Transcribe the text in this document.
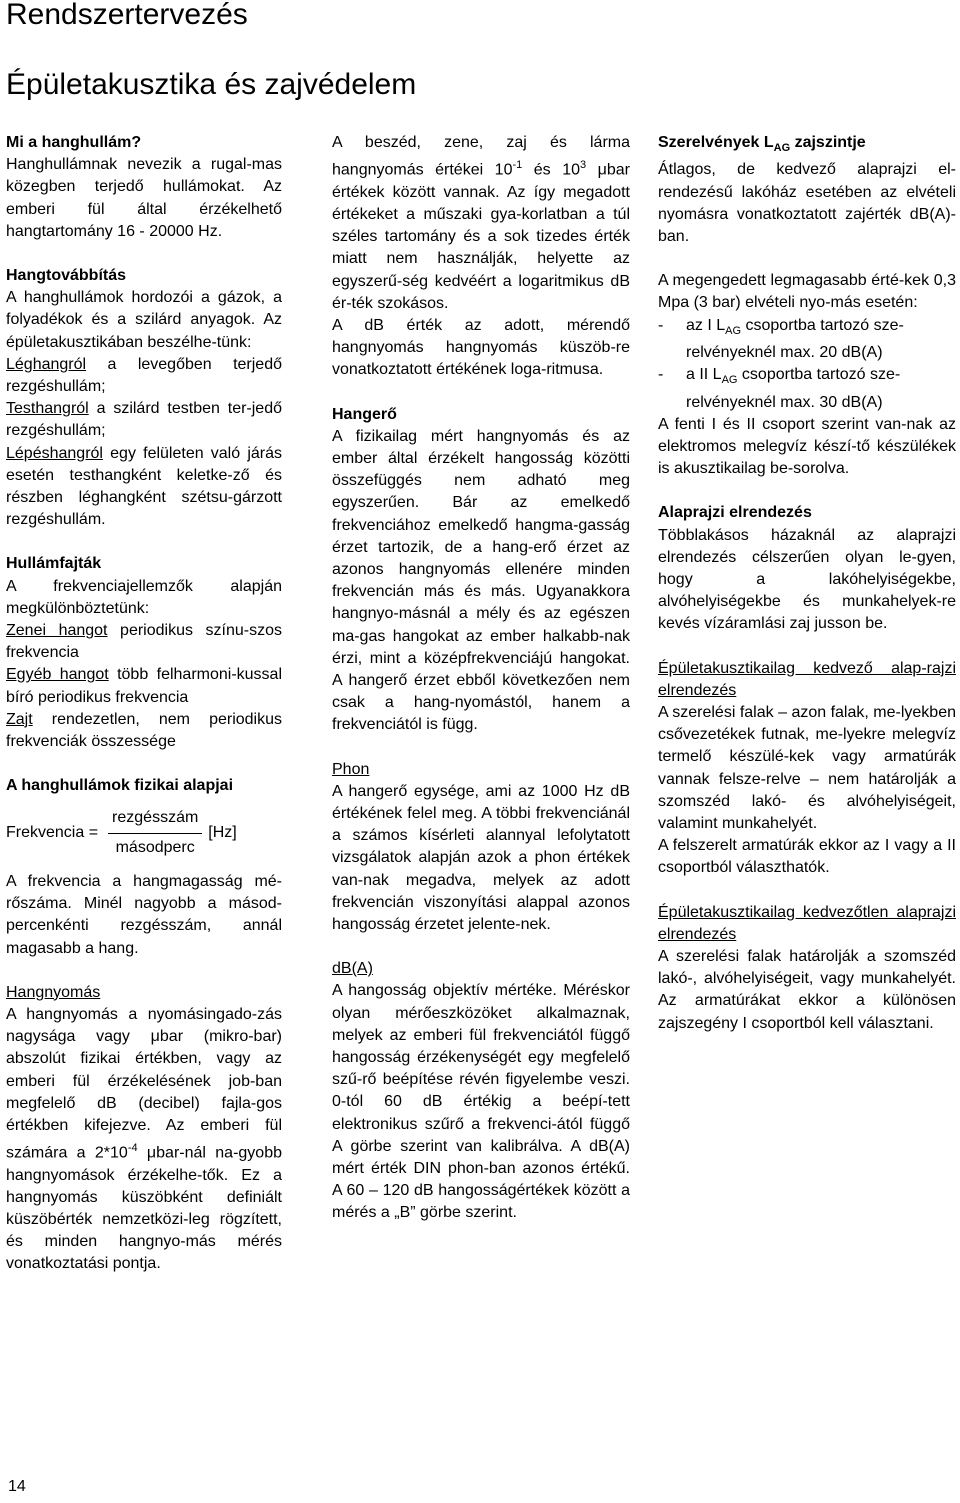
Rendszertervezés
Épületakusztika és zajvédelem

Mi a hanghullám?

Hanghullámnak nevezik a rugal-mas közegben terjedő hullámokat. Az emberi fül által érzékelhető hangtartomány 16 - 20000 Hz.

Hangtovábbítás

A hanghullámok hordozói a gázok, a folyadékok és a szilárd anyagok. Az épületakusztikában beszélhe-tünk:

Léghangról a levegőben terjedő rezgéshullám;

Testhangról a szilárd testben ter-jedő rezgéshullám;

Lépéshangról egy felületen való járás esetén testhangként keletke-ző és részben léghangként szétsu-gárzott rezgéshullám.

Hullámfajták

A frekvenciajellemzők alapján megkülönböztetünk:

Zenei hangot periodikus színu-szos frekvencia

Egyéb hangot több felharmoni-kussal bíró periodikus frekvencia

Zajt rendezetlen, nem periodikus frekvenciák összessége

A hanghullámok fizikai alapjai

Frekvencia = $\frac{\text{rezgésszám}}{\text{másodperc}} [Hz]$

A frekvencia a hangmagasság mé-rőszáma. Minél nagyobb a másod-percenkénti rezgésszám, annál magasabb a hang.

Hangnyomás

A hangnyomás a nyomásingado-zás nagysága vagy μbar (mikro-bar) abszolút fizikai értékben, vagy az emberi fül érzékelésének job-ban megfelelő dB (decibel) fajla-gos értékben kifejezve. Az emberi fül számára a $2*10^{-4}$ μbar-nál na-gyobb hangnyomások érzékelhe-tők. Ez a hangnyomás küszöbként definiált küszöbérték nemzetközi-leg rögzített, és minden hangnyo-más mérés vonatkoztatási pontja.

A beszéd, zene, zaj és lárma hangnyomás értékei $10^{-1}$ és $10^3$ μbar értékek között vannak. Az így megadott értékeket a műszaki gya-korlatban a túl széles tartomány és a sok tizedes érték miatt nem használják, helyette az egyszerű-ség kedvéért a logaritmikus dB ér-ték szokásos.

A dB érték az adott, mérendő hangnyomás hangnyomás küszöb-re vonatkoztatott értékének loga-ritmusa.

Hangerő

A fizikailag mért hangnyomás és az ember által érzékelt hangosság közötti összefüggés nem adható meg egyszerűen. Bár az emelkedő frekvenciához emelkedő hangma-gasság érzet tartozik, de a hang-erő érzet az azonos hangnyomás ellenére minden frekvencián más és más. Ugyanakkora hangnyo-másnál a mély és az egészen ma-gas hangokat az ember halkabb-nak érzi, mint a középfrekvenciájú hangokat. A hangerő érzet ebből következően nem csak a hang-nyomástól, hanem a frekvenciától is függ.

Phon

A hangerő egysége, ami az 1000 Hz dB értékének felel meg. A többi frekvenciánál a számos kísérleti alannyal lefolytatott vizsgálatok alapján azok a phon értékek van-nak megadva, melyek az adott frekvencián viszonyítási alappal azonos hangosság érzetet jelente-nek.

dB(A)

A hangosság objektív mértéke. Méréskor olyan mérőeszközöket alkalmaznak, melyek az emberi fül frekvenciától függő hangosság érzékenységét egy megfelelő szű-rő beépítése révén figyelembe veszi. 0-tól 60 dB értékig a beépí-tett elektronikus szűrő a frekvenci-ától függő A görbe szerint van kalibrálva. A dB(A) mért érték DIN phon-ban azonos értékű. A 60 – 120 dB hangosságértékek között a mérés a „B” görbe szerint.

Szerelvények $L_{AG}$ zajszintje

Átlagos, de kedvező alaprajzi el-rendezésű lakóház esetében az elvételi nyomásra vonatkoztatott zajérték dB(A)-ban.

A megengedett legmagasabb érté-kek 0,3 Mpa (3 bar) elvételi nyo-más esetén:

-	az I $L_{AG}$ csoportba tartozó sze-

relvényeknél max. 20 dB(A)

-	a II $L_{AG}$ csoportba tartozó sze-

relvényeknél max. 30 dB(A)

A fenti I és II csoport szerint van-nak az elektromos melegvíz készí-tő készülékek is akusztikailag be-sorolva.

Alaprajzi elrendezés

Többlakásos házaknál az alaprajzi elrendezés célszerűen olyan le-gyen, hogy a lakóhelyiségekbe, alvóhelyiségekbe és munkahelyek-re kevés vízáramlási zaj jusson be.

Épületakusztikailag kedvező alap-rajzi elrendezés

A szerelési falak – azon falak, me-lyekben csővezetékek futnak, me-lyekre melegvíz termelő készülé-kek vagy armatúrák vannak felsze-relve – nem határolják a szomszéd lakó- és alvóhelyiségeit, valamint munkahelyét.

A felszerelt armatúrák ekkor az I vagy a II csoportból választhatók.

Épületakusztikailag kedvezőtlen alaprajzi elrendezés

A szerelési falak határolják a szomszéd lakó-, alvóhelyiségeit, vagy munkahelyét. Az armatúrákat ekkor a különösen zajszegény I csoportból kell választani.

14
